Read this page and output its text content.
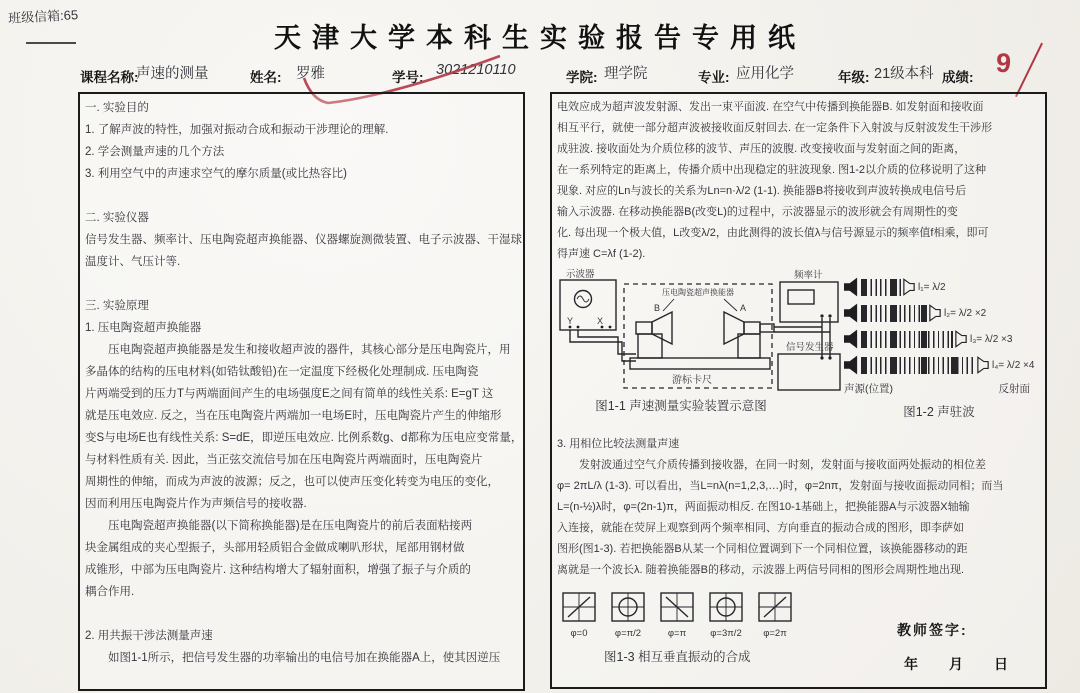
班级信箱:65
天津大学本科生实验报告专用纸
课程名称:
声速的测量	姓名: 罗雅	学号: 3021210110	学院: 理学院	专业: 应用化学	年级: 21级本科 成绩: 9
一. 实验目的
1. 了解声波的特性，加强对振动合成和振动干涉理论的理解.
2. 学会测量声速的几个方法
3. 利用空气中的声速求空气的摩尔质量(或比热容比)
二. 实验仪器
信号发生器、频率计、压电陶瓷超声换能器、仪器螺旋测微装置、电子示波器、干湿球
温度计、气压计等.
三. 实验原理
1. 压电陶瓷超声换能器
　　压电陶瓷超声换能器是发生和接收超声波的器件，其核心部分是压电陶瓷片，用
多晶体的结构的压电材料(如锆钛酸铅)在一定温度下经极化处理制成. 压电陶瓷
片两端受到的压力T与两端面间产生的电场强度E之间有简单的线性关系: E=gT 这
就是压电效应. 反之，当在压电陶瓷片两端加一电场E时，压电陶瓷片产生的伸缩形
变S与电场E也有线性关系: S=dE，即逆压电效应. 比例系数g、d都称为压电应变常量，
与材料性质有关. 因此，当正弦交流信号加在压电陶瓷片两端面时，压电陶瓷片
周期性的伸缩，而成为声波的波源；反之，也可以使声压变化转变为电压的变化，
因而利用压电陶瓷片作为声频信号的接收器.
　　压电陶瓷超声换能器(以下简称换能器)是在压电陶瓷片的前后表面粘接两
块金属组成的夹心型振子，头部用轻质铝合金做成喇叭形状，尾部用钢材做
成锥形，中部为压电陶瓷片. 这种结构增大了辐射面积，增强了振子与介质的
耦合作用.
2. 用共振干涉法测量声速
　　如图1-1所示，把信号发生器的功率输出的电信号加在换能器A上，使其因逆压
电效应成为超声波发射源、发出一束平面波. 在空气中传播到换能器B. 如发射面和接收面
相互平行，就使一部分超声波被接收面反射回去. 在一定条件下入射波与反射波发生干涉形
成驻波. 接收面处为介质位移的波节、声压的波腹. 改变接收面与发射面之间的距离，
在一系列特定的距离上，传播介质中出现稳定的驻波现象. 图1-2以介质的位移说明了这种
现象. 对应的Ln与波长的关系为Ln=n·λ/2 (1-1). 换能器B将接收到声波转换成电信号后
输入示波器. 在移动换能器B(改变L)的过程中，示波器显示的波形就会有周期性的变
化. 每出现一个极大值，L改变λ/2，由此测得的波长值λ与信号源显示的频率值f相乘，即可
得声速 C=λf (1-2).
示波器
Y	X
压电陶瓷超声换能器
B	A
游标卡尺
频率计
信号发生器
图1-1 声速测量实验装置示意图
l₁= λ/2
l₂= λ/2 ×2
l₃= λ/2 ×3
l₄= λ/2 ×4
声源(位置)	反射面
图1-2 声驻波
3. 用相位比较法测量声速
　　发射波通过空气介质传播到接收器，在同一时刻，发射面与接收面两处振动的相位差
φ= 2πL/λ (1-3). 可以看出，当L=nλ(n=1,2,3,…)时，φ=2nπ，发射面与接收面振动同相；而当
L=(n-½)λ时，φ=(2n-1)π，两面振动相反. 在图10-1基础上，把换能器A与示波器X轴输
入连接，就能在荧屏上观察到两个频率相同、方向垂直的振动合成的图形，即李萨如
图形(图1-3). 若把换能器B从某一个同相位置调到下一个同相位置，该换能器移动的距
离就是一个波长λ. 随着换能器B的移动，示波器上两信号同相的图形会周期性地出现.
φ=0	φ=π/2	φ=π	φ=3π/2	φ=2π
图1-3 相互垂直振动的合成
教师签字:
年　　月　　日
